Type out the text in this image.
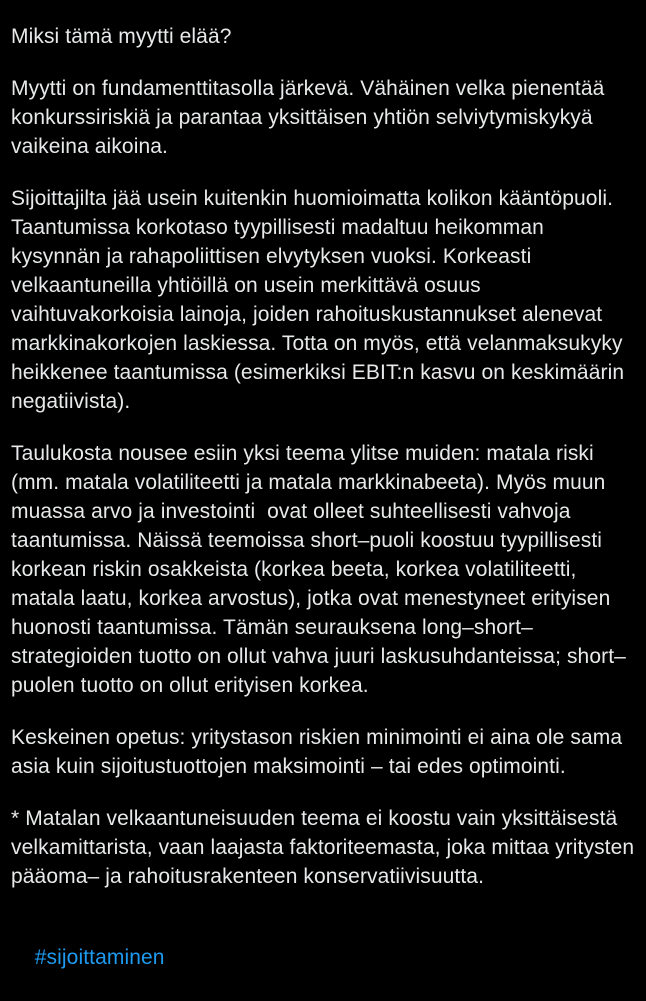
Miksi tämä myytti elää?

Myytti on fundamenttitasolla järkevä. Vähäinen velka pienentää konkurssiriskiä ja parantaa yksittäisen yhtiön selviytymiskykyä vaikeina aikoina.

Sijoittajilta jää usein kuitenkin huomioimatta kolikon kääntöpuoli. Taantumissa korkotaso tyypillisesti madaltuu heikomman kysynnän ja rahapoliittisen elvytyksen vuoksi. Korkeasti velkaantuneilla yhtiöillä on usein merkittävä osuus vaihtuvakorkoisia lainoja, joiden rahoituskustannukset alenevat markkinakorkojen laskiessa. Totta on myös, että velanmaksukyky heikkenee taantumissa (esimerkiksi EBIT:n kasvu on keskimäärin negatiivista).

Taulukosta nousee esiin yksi teema ylitse muiden: matala riski (mm. matala volatiliteetti ja matala markkinabeeta). Myös muun muassa arvo ja investointi  ovat olleet suhteellisesti vahvoja taantumissa. Näissä teemoissa short–puoli koostuu tyypillisesti korkean riskin osakkeista (korkea beeta, korkea volatiliteetti, matala laatu, korkea arvostus), jotka ovat menestyneet erityisen huonosti taantumissa. Tämän seurauksena long–short–strategioiden tuotto on ollut vahva juuri laskusuhdanteissa; short–puolen tuotto on ollut erityisen korkea.

Keskeinen opetus: yritystason riskien minimointi ei aina ole sama asia kuin sijoitustuottojen maksimointi – tai edes optimointi.

* Matalan velkaantuneisuuden teema ei koostu vain yksittäisestä velkamittarista, vaan laajasta faktoriteemasta, joka mittaa yritysten pääoma– ja rahoitusrakenteen konservatiivisuutta.

#sijoittaminen
